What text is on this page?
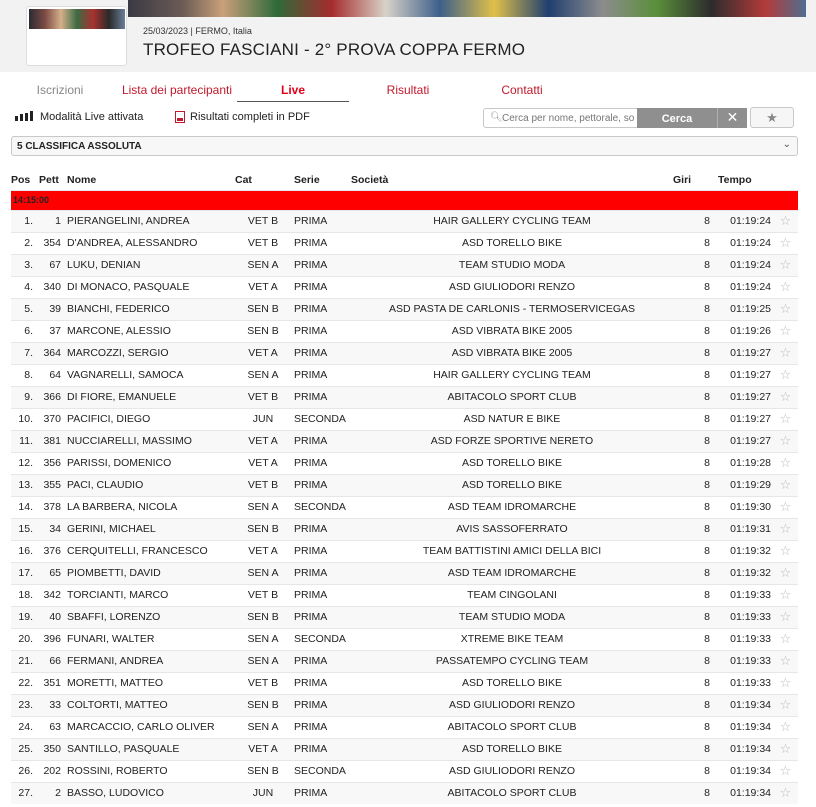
25/03/2023 | FERMO, Italia
TROFEO FASCIANI - 2° PROVA COPPA FERMO
Iscrizioni	Lista dei partecipanti	Live	Risultati	Contatti
Modalità Live attivata	Risultati completi in PDF	🔍︎
Cerca per nome, pettorale, società	Cerca	✕	★
5 CLASSIFICA ASSOLUTA	⌄
Pos	Pett	Nome	Cat	Serie	Società	Giri	Tempo	
14:15:00								
1.	1	PIERANGELINI, ANDREA	VET B	PRIMA	HAIR GALLERY CYCLING TEAM	8	01:19:24	☆
2.	354	D'ANDREA, ALESSANDRO	VET B	PRIMA	ASD TORELLO BIKE	8	01:19:24	☆
3.	67	LUKU, DENIAN	SEN A	PRIMA	TEAM STUDIO MODA	8	01:19:24	☆
4.	340	DI MONACO, PASQUALE	VET A	PRIMA	ASD GIULIODORI RENZO	8	01:19:24	☆
5.	39	BIANCHI, FEDERICO	SEN B	PRIMA	ASD PASTA DE CARLONIS - TERMOSERVICEGAS	8	01:19:25	☆
6.	37	MARCONE, ALESSIO	SEN B	PRIMA	ASD VIBRATA BIKE 2005	8	01:19:26	☆
7.	364	MARCOZZI, SERGIO	VET A	PRIMA	ASD VIBRATA BIKE 2005	8	01:19:27	☆
8.	64	VAGNARELLI, SAMOCA	SEN A	PRIMA	HAIR GALLERY CYCLING TEAM	8	01:19:27	☆
9.	366	DI FIORE, EMANUELE	VET B	PRIMA	ABITACOLO SPORT CLUB	8	01:19:27	☆
10.	370	PACIFICI, DIEGO	JUN	SECONDA	ASD NATUR E BIKE	8	01:19:27	☆
11.	381	NUCCIARELLI, MASSIMO	VET A	PRIMA	ASD FORZE SPORTIVE NERETO	8	01:19:27	☆
12.	356	PARISSI, DOMENICO	VET A	PRIMA	ASD TORELLO BIKE	8	01:19:28	☆
13.	355	PACI, CLAUDIO	VET B	PRIMA	ASD TORELLO BIKE	8	01:19:29	☆
14.	378	LA BARBERA, NICOLA	SEN A	SECONDA	ASD TEAM IDROMARCHE	8	01:19:30	☆
15.	34	GERINI, MICHAEL	SEN B	PRIMA	AVIS SASSOFERRATO	8	01:19:31	☆
16.	376	CERQUITELLI, FRANCESCO	VET A	PRIMA	TEAM BATTISTINI AMICI DELLA BICI	8	01:19:32	☆
17.	65	PIOMBETTI, DAVID	SEN A	PRIMA	ASD TEAM IDROMARCHE	8	01:19:32	☆
18.	342	TORCIANTI, MARCO	VET B	PRIMA	TEAM CINGOLANI	8	01:19:33	☆
19.	40	SBAFFI, LORENZO	SEN B	PRIMA	TEAM STUDIO MODA	8	01:19:33	☆
20.	396	FUNARI, WALTER	SEN A	SECONDA	XTREME BIKE TEAM	8	01:19:33	☆
21.	66	FERMANI, ANDREA	SEN A	PRIMA	PASSATEMPO CYCLING TEAM	8	01:19:33	☆
22.	351	MORETTI, MATTEO	VET B	PRIMA	ASD TORELLO BIKE	8	01:19:33	☆
23.	33	COLTORTI, MATTEO	SEN B	PRIMA	ASD GIULIODORI RENZO	8	01:19:34	☆
24.	63	MARCACCIO, CARLO OLIVER	SEN A	PRIMA	ABITACOLO SPORT CLUB	8	01:19:34	☆
25.	350	SANTILLO, PASQUALE	VET A	PRIMA	ASD TORELLO BIKE	8	01:19:34	☆
26.	202	ROSSINI, ROBERTO	SEN B	SECONDA	ASD GIULIODORI RENZO	8	01:19:34	☆
27.	2	BASSO, LUDOVICO	JUN	PRIMA	ABITACOLO SPORT CLUB	8	01:19:34	☆
